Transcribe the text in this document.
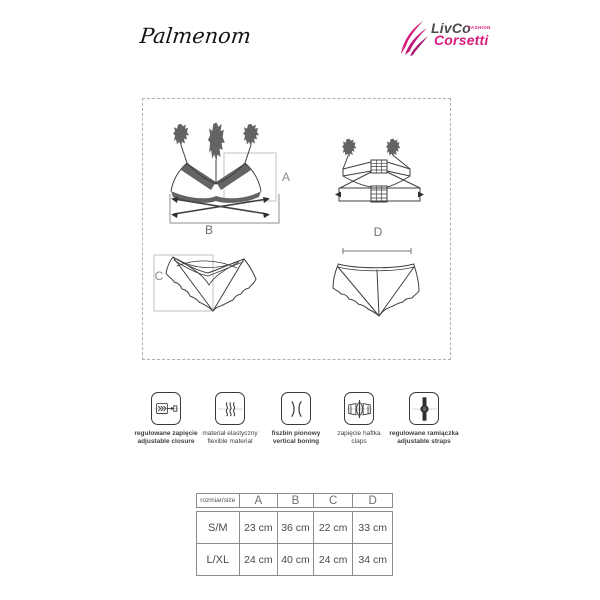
Palmenom	LivCo
FASHION
Corsetti
A
B
C
D
regulowane zapięcie
adjustable closure
materiał elastyczny
flexible material
fiszbin pionowy
vertical boning
zapięcie haftka
claps
regulowane ramiączka
adjustable straps
rozmiar/size	A	B	C	D
S/M	23 cm 36 cm 22 cm	33 cm
L/XL	24 cm 40 cm 24 cm	34 cm
